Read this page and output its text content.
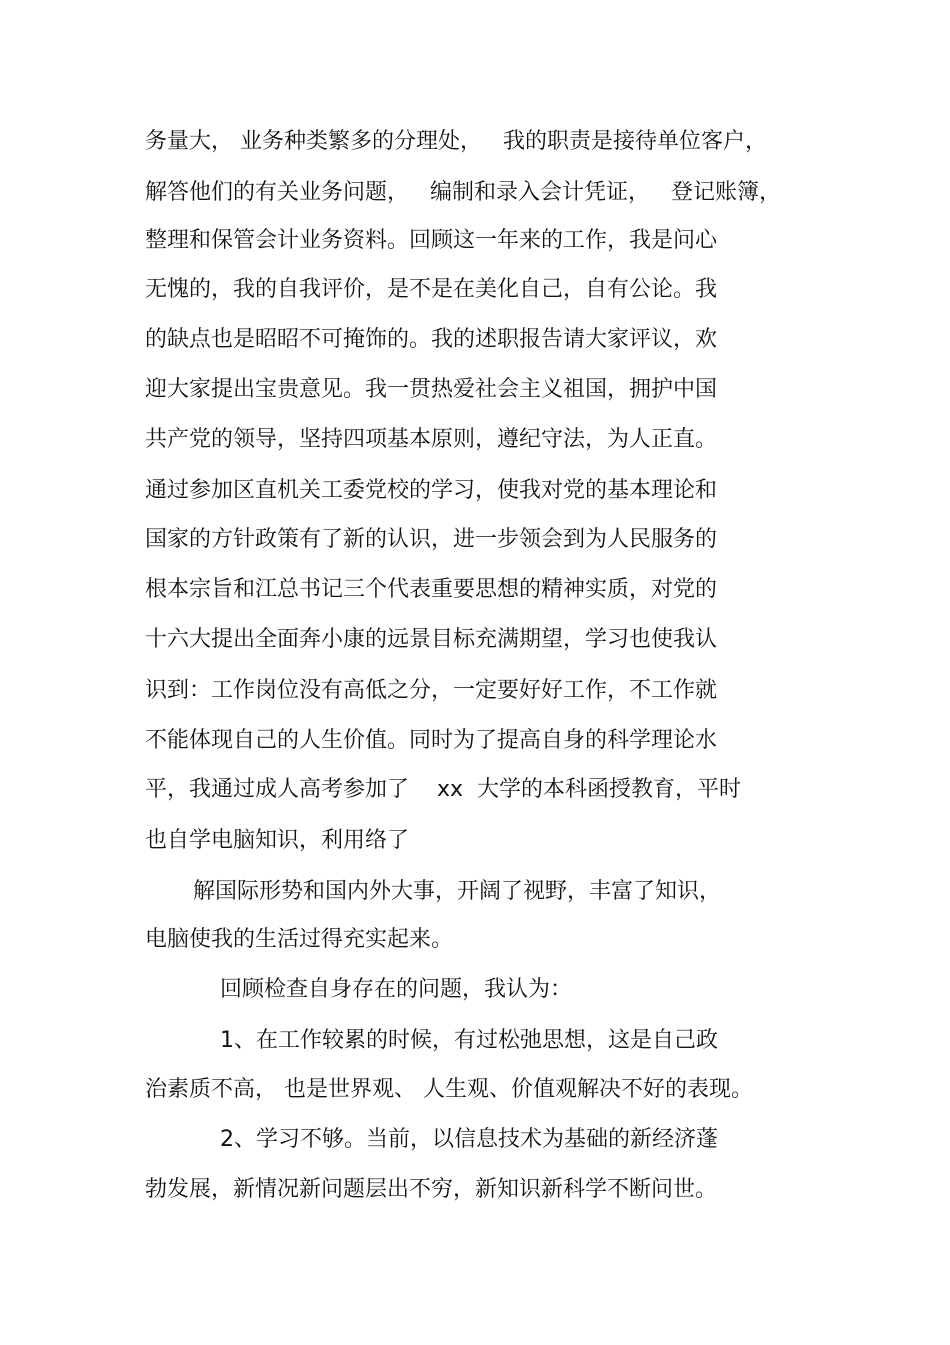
务量大， 业务种类繁多的分理处，   我的职责是接待单位客户，
解答他们的有关业务问题，   编制和录入会计凭证，   登记账簿，
整理和保管会计业务资料。回顾这一年来的工作，我是问心
无愧的，我的自我评价，是不是在美化自己，自有公论。我
的缺点也是昭昭不可掩饰的。我的述职报告请大家评议，欢
迎大家提出宝贵意见。我一贯热爱社会主义祖国，拥护中国
共产党的领导，坚持四项基本原则，遵纪守法，为人正直。
通过参加区直机关工委党校的学习，使我对党的基本理论和
国家的方针政策有了新的认识，进一步领会到为人民服务的
根本宗旨和江总书记三个代表重要思想的精神实质，对党的
十六大提出全面奔小康的远景目标充满期望，学习也使我认
识到：工作岗位没有高低之分，一定要好好工作，不工作就
不能体现自己的人生价值。同时为了提高自身的科学理论水
平，我通过成人高考参加了    xx  大学的本科函授教育，平时
也自学电脑知识，利用络了
解国际形势和国内外大事，开阔了视野，丰富了知识，
电脑使我的生活过得充实起来。
回顾检查自身存在的问题，我认为：
1、在工作较累的时候，有过松弛思想，这是自己政
治素质不高， 也是世界观、 人生观、价值观解决不好的表现。
2、学习不够。当前，以信息技术为基础的新经济蓬
勃发展，新情况新问题层出不穷，新知识新科学不断问世。
